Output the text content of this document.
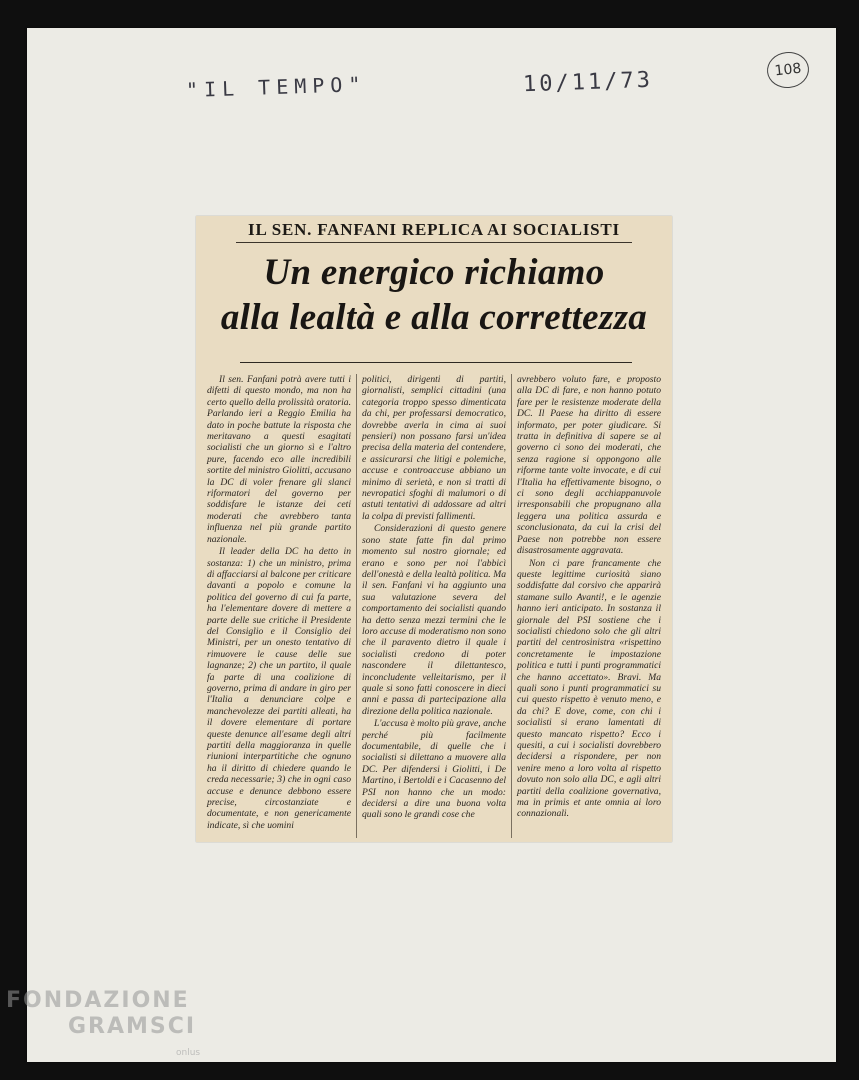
"IL TEMPO"	10/11/73	108
IL SEN. FANFANI REPLICA AI SOCIALISTI
Un energico richiamo
alla lealtà e alla correttezza

Il sen. Fanfani potrà avere tutti i difetti di questo mondo, ma non ha certo quello della prolissità oratoria. Parlando ieri a Reggio Emilia ha dato in poche battute la risposta che meritavano a questi esagitati socialisti che un giorno sì e l'altro pure, facendo eco alle incredibili sortite del ministro Giolitti, accusano la DC di voler frenare gli slanci riformatori del governo per soddisfare le istanze dei ceti moderati che avrebbero tanta influenza nel più grande partito nazionale.

Il leader della DC ha detto in sostanza: 1) che un ministro, prima di affacciarsi al balcone per criticare davanti a popolo e comune la politica del governo di cui fa parte, ha l'elementare dovere di mettere a parte delle sue critiche il Presidente del Consiglio e il Consiglio dei Ministri, per un onesto tentativo di rimuovere le cause delle sue lagnanze; 2) che un partito, il quale fa parte di una coalizione di governo, prima di andare in giro per l'Italia a denunciare colpe e manchevolezze dei partiti alleati, ha il dovere elementare di portare queste denunce all'esame degli altri partiti della maggioranza in quelle riunioni interpartitiche che ognuno ha il diritto di chiedere quando le creda necessarie; 3) che in ogni caso accuse e denunce debbono essere precise, circostanziate e documentate, e non genericamente indicate, sì che uomini

politici, dirigenti di partiti, giornalisti, semplici cittadini (una categoria troppo spesso dimenticata da chi, per professarsi democratico, dovrebbe averla in cima ai suoi pensieri) non possano farsi un'idea precisa della materia del contendere, e assicurarsi che litigi e polemiche, accuse e controaccuse abbiano un minimo di serietà, e non si tratti di nevropatici sfoghi di malumori o di astuti tentativi di addossare ad altri la colpa di previsti fallimenti.

Considerazioni di questo genere sono state fatte fin dal primo momento sul nostro giornale; ed erano e sono per noi l'abbicì dell'onestà e della lealtà politica. Ma il sen. Fanfani vi ha aggiunto una sua valutazione severa del comportamento dei socialisti quando ha detto senza mezzi termini che le loro accuse di moderatismo non sono che il paravento dietro il quale i socialisti credono di poter nascondere il dilettantesco, inconcludente velleitarismo, per il quale si sono fatti conoscere in dieci anni e passa di partecipazione alla direzione della politica nazionale.

L'accusa è molto più grave, anche perché più facilmente documentabile, di quelle che i socialisti si dilettano a muovere alla DC. Per difendersi i Giolitti, i De Martino, i Bertoldi e i Cacasenno del PSI non hanno che un modo: decidersi a dire una buona volta quali sono le grandi cose che

avrebbero voluto fare, e proposto alla DC di fare, e non hanno potuto fare per le resistenze moderate della DC. Il Paese ha diritto di essere informato, per poter giudicare. Si tratta in definitiva di sapere se al governo ci sono dei moderati, che senza ragione si oppongono alle riforme tante volte invocate, e di cui l'Italia ha effettivamente bisogno, o ci sono degli acchiappanuvole irresponsabili che propugnano alla leggera una politica assurda e sconclusionata, da cui la crisi del Paese non potrebbe non essere disastrosamente aggravata.

Non ci pare francamente che queste legittime curiosità siano soddisfatte dal corsivo che apparirà stamane sullo Avanti!, e le agenzie hanno ieri anticipato. In sostanza il giornale del PSI sostiene che i socialisti chiedono solo che gli altri partiti del centrosinistra «rispettino concretamente le impostazione politica e tutti i punti programmatici che hanno accettato». Bravi. Ma quali sono i punti programmatici su cui questo rispetto è venuto meno, e da chi? E dove, come, con chi i socialisti si erano lamentati di questo mancato rispetto? Ecco i quesiti, a cui i socialisti dovrebbero decidersi a rispondere, per non venire meno a loro volta al rispetto dovuto non solo alla DC, e agli altri partiti della coalizione governativa, ma in primis et ante omnia ai loro connazionali.

FONDAZIONE
GRAMSCI
onlus
